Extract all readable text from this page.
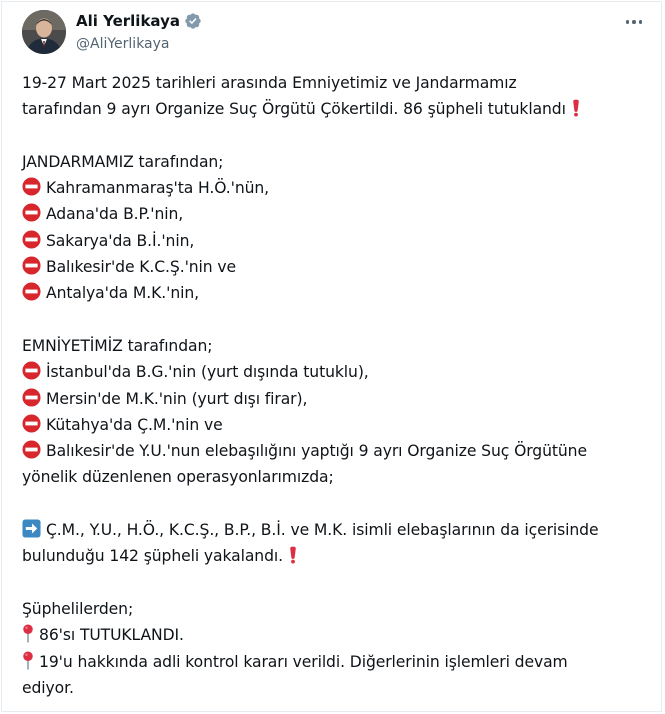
Ali Yerlikaya
@AliYerlikaya
19-27 Mart 2025 tarihleri arasında Emniyetimiz ve Jandarmamız
tarafından 9 ayrı Organize Suç Örgütü Çökertildi. 86 şüpheli tutuklandı
JANDARMAMIZ tarafından;
Kahramanmaraş'ta H.Ö.'nün,
Adana'da B.P.'nin,
Sakarya'da B.İ.'nin,
Balıkesir'de K.C.Ş.'nin ve
Antalya'da M.K.'nin,
EMNİYETİMİZ tarafından;
İstanbul'da B.G.'nin (yurt dışında tutuklu),
Mersin'de M.K.'nin (yurt dışı firar),
Kütahya'da Ç.M.'nin ve
Balıkesir'de Y.U.'nun elebaşılığını yaptığı 9 ayrı Organize Suç Örgütüne
yönelik düzenlenen operasyonlarımızda;
Ç.M., Y.U., H.Ö., K.C.Ş., B.P., B.İ. ve M.K. isimli elebaşlarının da içerisinde
bulunduğu 142 şüpheli yakalandı.
Şüphelilerden;
86'sı TUTUKLANDI.
19'u hakkında adli kontrol kararı verildi. Diğerlerinin işlemleri devam
ediyor.
